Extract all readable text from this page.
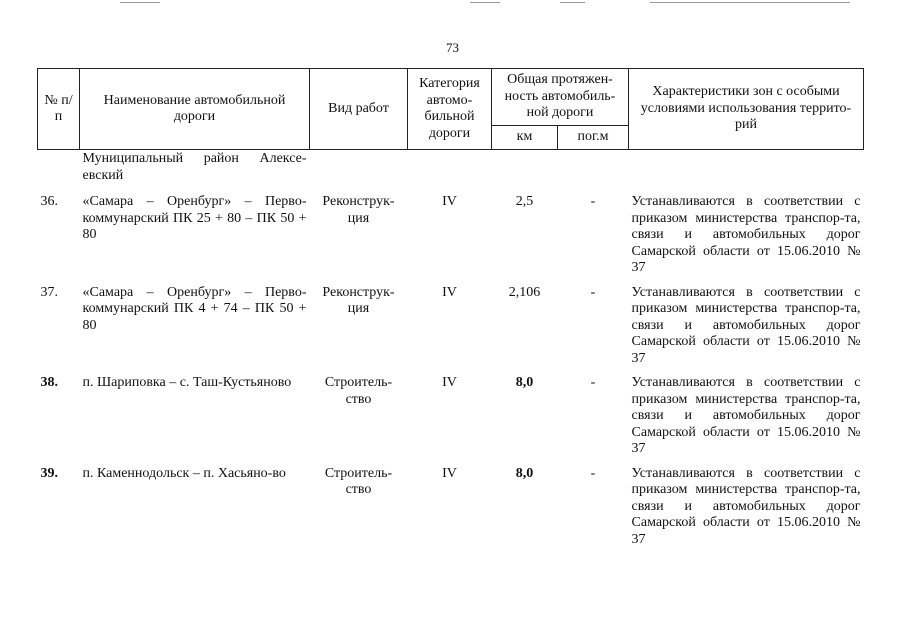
73
№ п/п	Наименование автомобильной дороги	Вид работ	Категория автомо-бильной дороги	Общая протяжен-ность автомобиль-ной дороги		Характеристики зон с особыми условиями использования террито-рий
				км	пог.м	
	Муниципальный район Алексе-евский					
36.	«Самара – Оренбург» – Перво-коммунарский ПК 25 + 80 – ПК 50 + 80	Реконструк-ция	IV	2,5	-	Устанавливаются в соответствии с приказом министерства транспор-та, связи и автомобильных дорог Самарской области от 15.06.2010 № 37
37.	«Самара – Оренбург» – Перво-коммунарский ПК 4 + 74 – ПК 50 + 80	Реконструк-ция	IV	2,106	-	Устанавливаются в соответствии с приказом министерства транспор-та, связи и автомобильных дорог Самарской области от 15.06.2010 № 37
38.	п. Шариповка – с. Таш-Кустьяново	Строитель-ство	IV	8,0	-	Устанавливаются в соответствии с приказом министерства транспор-та, связи и автомобильных дорог Самарской области от 15.06.2010 № 37
39.	п. Каменнодольск – п. Хасьяно-во	Строитель-ство	IV	8,0	-	Устанавливаются в соответствии с приказом министерства транспор-та, связи и автомобильных дорог Самарской области от 15.06.2010 № 37
